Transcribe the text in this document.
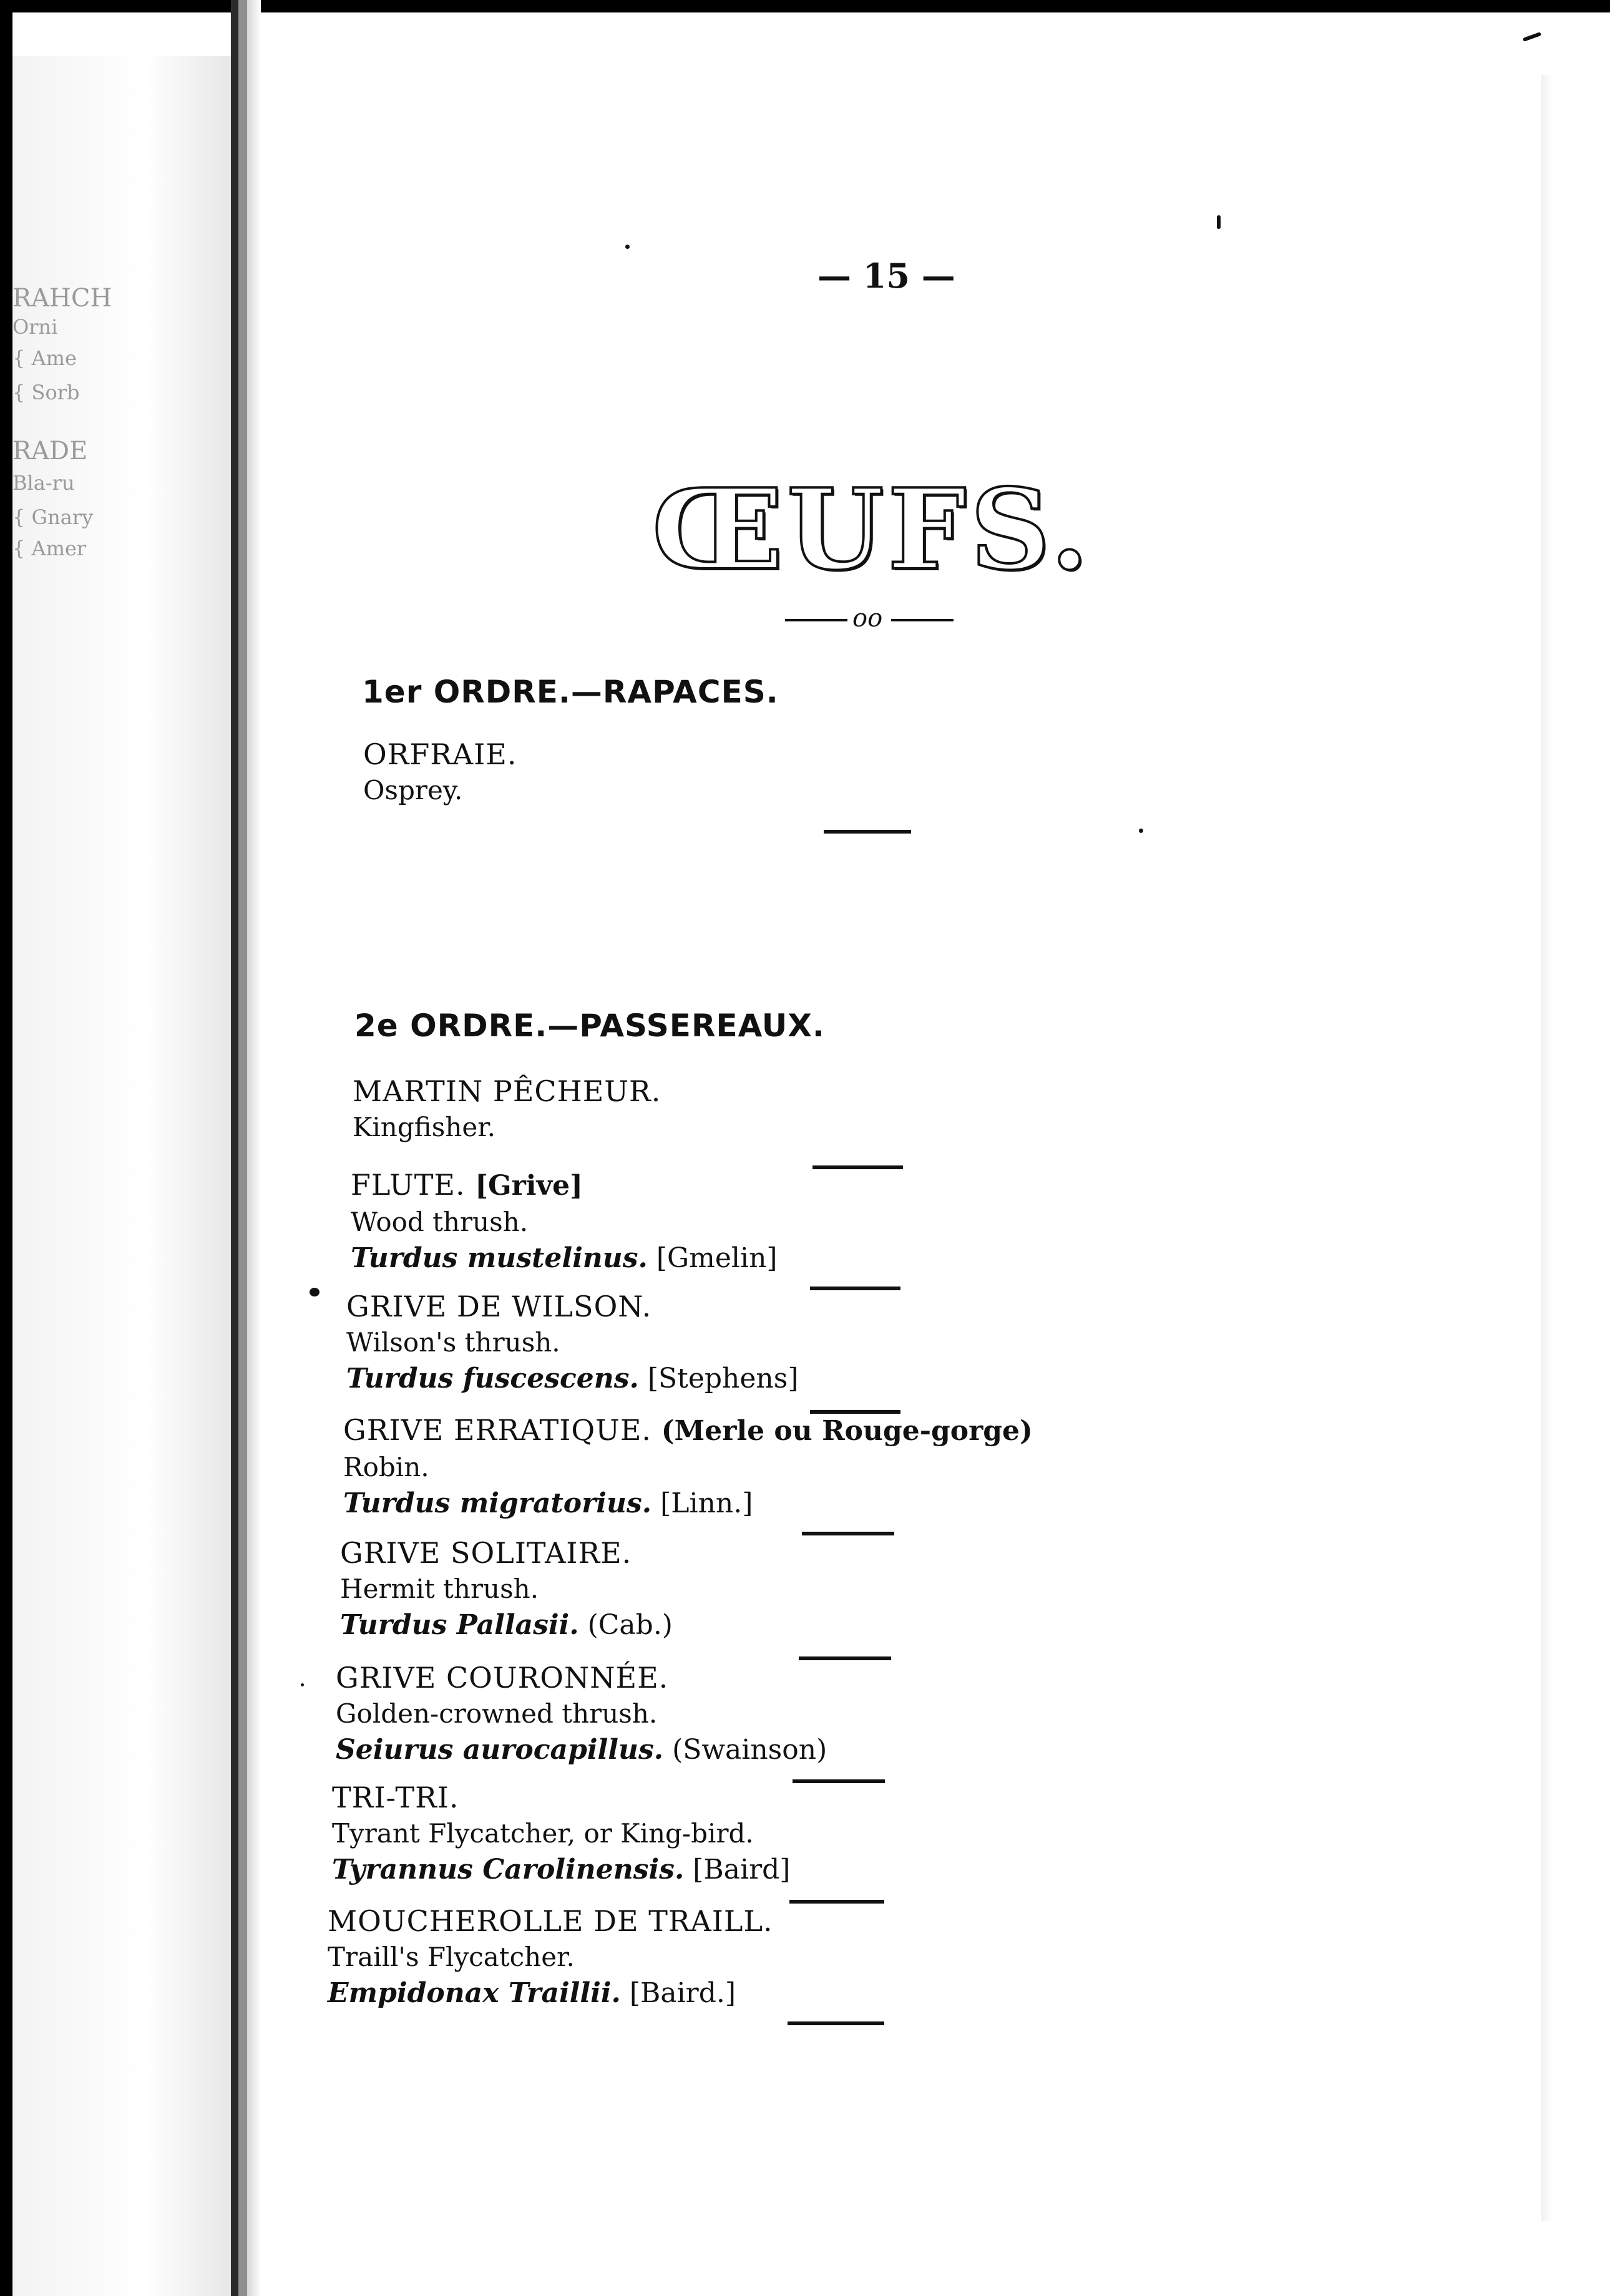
RAHCH
Orni
{ Ame
{ Sorb
RADE
Bla-ru
{ Gnary
{ Amer
— 15 —
ŒUFS.
oo
1er ORDRE.—RAPACES.
ORFRAIE.
Osprey.
2e ORDRE.—PASSEREAUX.
MARTIN PÊCHEUR.
Kingfisher.
FLUTE. [Grive]
Wood thrush.
Turdus mustelinus. [Gmelin]
GRIVE DE WILSON.
Wilson's thrush.
Turdus fuscescens. [Stephens]
GRIVE ERRATIQUE. (Merle ou Rouge-gorge)
Robin.
Turdus migratorius. [Linn.]
GRIVE SOLITAIRE.
Hermit thrush.
Turdus Pallasii. (Cab.)
GRIVE COURONNÉE.
Golden-crowned thrush.
Seiurus aurocapillus. (Swainson)
TRI-TRI.
Tyrant Flycatcher, or King-bird.
Tyrannus Carolinensis. [Baird]
MOUCHEROLLE DE TRAILL.
Traill's Flycatcher.
Empidonax Traillii. [Baird.]
